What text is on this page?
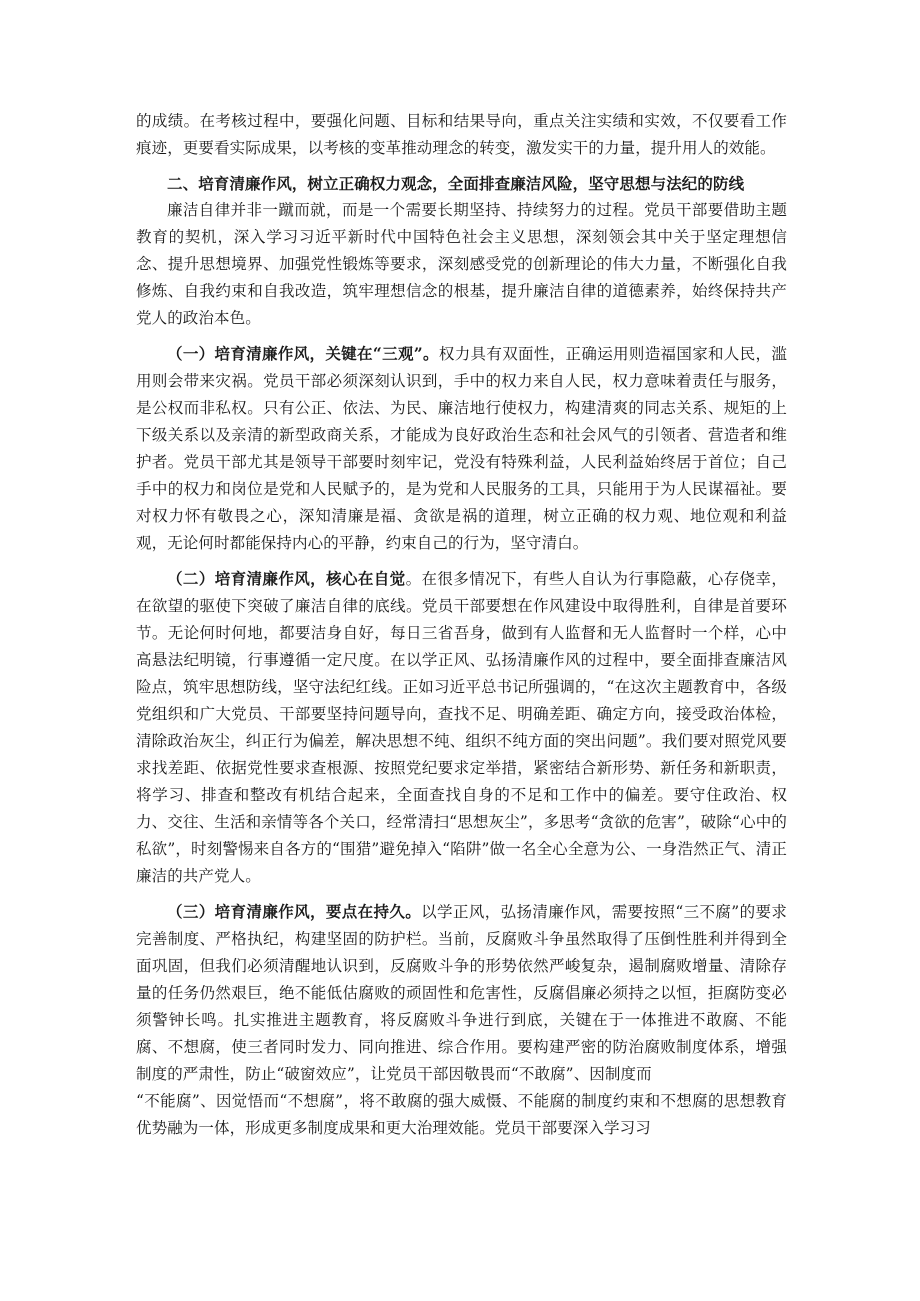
的成绩。在考核过程中，要强化问题、目标和结果导向，重点关注实绩和实效，不仅要看工作痕迹，更要看实际成果，以考核的变革推动理念的转变，激发实干的力量，提升用人的效能。

二、培育清廉作风，树立正确权力观念，全面排查廉洁风险，坚守思想与法纪的防线

廉洁自律并非一蹴而就，而是一个需要长期坚持、持续努力的过程。党员干部要借助主题教育的契机，深入学习习近平新时代中国特色社会主义思想，深刻领会其中关于坚定理想信念、提升思想境界、加强党性锻炼等要求，深刻感受党的创新理论的伟大力量，不断强化自我修炼、自我约束和自我改造，筑牢理想信念的根基，提升廉洁自律的道德素养，始终保持共产党人的政治本色。

（一）培育清廉作风，关键在“三观”。权力具有双面性，正确运用则造福国家和人民，滥用则会带来灾祸。党员干部必须深刻认识到，手中的权力来自人民，权力意味着责任与服务，是公权而非私权。只有公正、依法、为民、廉洁地行使权力，构建清爽的同志关系、规矩的上下级关系以及亲清的新型政商关系，才能成为良好政治生态和社会风气的引领者、营造者和维护者。党员干部尤其是领导干部要时刻牢记，党没有特殊利益，人民利益始终居于首位；自己手中的权力和岗位是党和人民赋予的，是为党和人民服务的工具，只能用于为人民谋福祉。要对权力怀有敬畏之心，深知清廉是福、贪欲是祸的道理，树立正确的权力观、地位观和利益观，无论何时都能保持内心的平静，约束自己的行为，坚守清白。

（二）培育清廉作风，核心在自觉。在很多情况下，有些人自认为行事隐蔽，心存侥幸，在欲望的驱使下突破了廉洁自律的底线。党员干部要想在作风建设中取得胜利，自律是首要环节。无论何时何地，都要洁身自好，每日三省吾身，做到有人监督和无人监督时一个样，心中高悬法纪明镜，行事遵循一定尺度。在以学正风、弘扬清廉作风的过程中，要全面排查廉洁风险点，筑牢思想防线，坚守法纪红线。正如习近平总书记所强调的，“在这次主题教育中，各级党组织和广大党员、干部要坚持问题导向，查找不足、明确差距、确定方向，接受政治体检，清除政治灰尘，纠正行为偏差，解决思想不纯、组织不纯方面的突出问题”。我们要对照党风要求找差距、依据党性要求查根源、按照党纪要求定举措，紧密结合新形势、新任务和新职责，将学习、排查和整改有机结合起来，全面查找自身的不足和工作中的偏差。要守住政治、权力、交往、生活和亲情等各个关口，经常清扫“思想灰尘”，多思考“贪欲的危害”，破除“心中的私欲”，时刻警惕来自各方的“围猎”避免掉入“陷阱”做一名全心全意为公、一身浩然正气、清正廉洁的共产党人。

（三）培育清廉作风，要点在持久。以学正风，弘扬清廉作风，需要按照“三不腐”的要求完善制度、严格执纪，构建坚固的防护栏。当前，反腐败斗争虽然取得了压倒性胜利并得到全面巩固，但我们必须清醒地认识到，反腐败斗争的形势依然严峻复杂，遏制腐败增量、清除存量的任务仍然艰巨，绝不能低估腐败的顽固性和危害性，反腐倡廉必须持之以恒，拒腐防变必须警钟长鸣。扎实推进主题教育，将反腐败斗争进行到底，关键在于一体推进不敢腐、不能腐、不想腐，使三者同时发力、同向推进、综合作用。要构建严密的防治腐败制度体系，增强制度的严肃性，防止“破窗效应”，让党员干部因敬畏而“不敢腐”、因制度而

“不能腐”、因觉悟而“不想腐”，将不敢腐的强大威慑、不能腐的制度约束和不想腐的思想教育优势融为一体，形成更多制度成果和更大治理效能。党员干部要深入学习习
